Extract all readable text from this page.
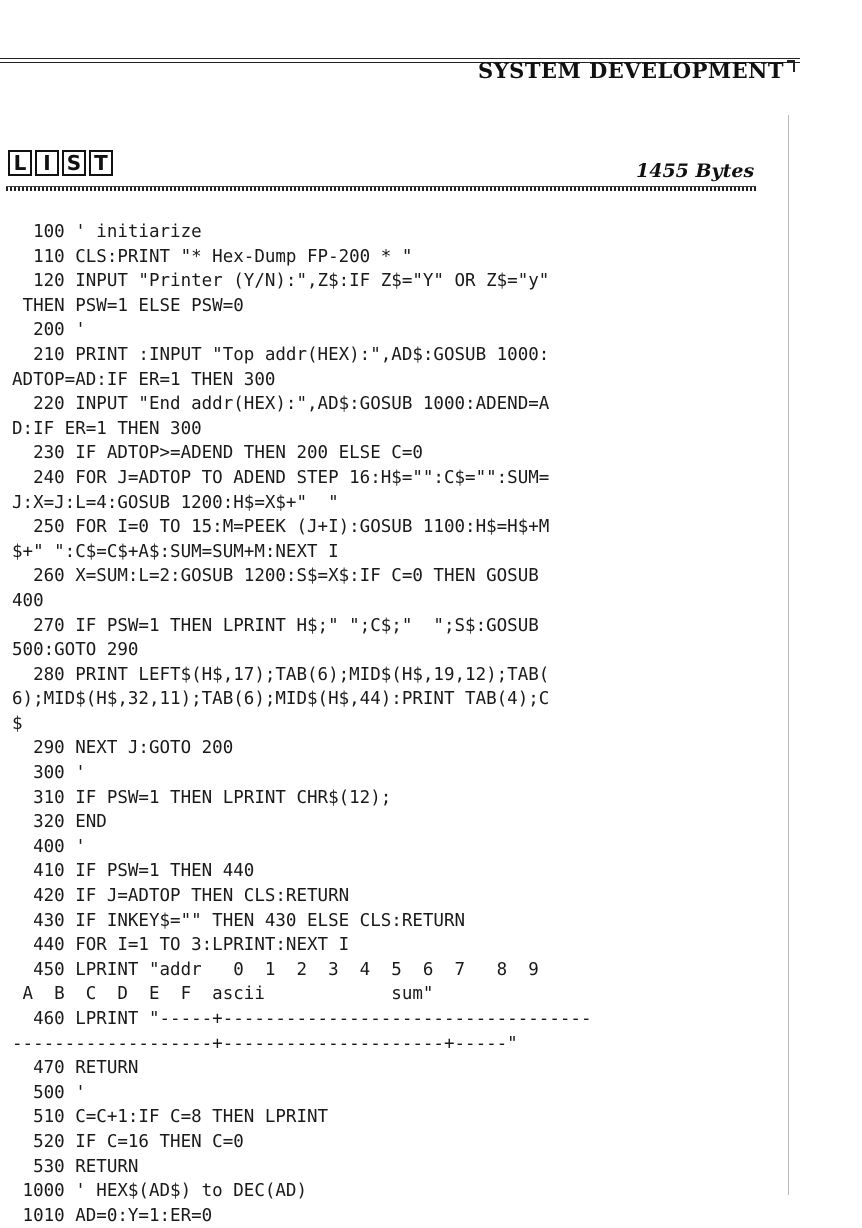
SYSTEM DEVELOPMENT
L I S T	1455 Bytes
100 ' initiarize
110 CLS:PRINT "* Hex-Dump FP-200 * "
120 INPUT "Printer (Y/N):",Z$:IF Z$="Y" OR Z$="y"
THEN PSW=1 ELSE PSW=0
200 '
210 PRINT :INPUT "Top addr(HEX):",AD$:GOSUB 1000:
ADTOP=AD:IF ER=1 THEN 300
220 INPUT "End addr(HEX):",AD$:GOSUB 1000:ADEND=A
D:IF ER=1 THEN 300
230 IF ADTOP>=ADEND THEN 200 ELSE C=0
240 FOR J=ADTOP TO ADEND STEP 16:H$="":C$="":SUM=
J:X=J:L=4:GOSUB 1200:H$=X$+"  "
250 FOR I=0 TO 15:M=PEEK (J+I):GOSUB 1100:H$=H$+M
$+" ":C$=C$+A$:SUM=SUM+M:NEXT I
260 X=SUM:L=2:GOSUB 1200:S$=X$:IF C=0 THEN GOSUB
400
270 IF PSW=1 THEN LPRINT H$;" ";C$;"  ";S$:GOSUB
500:GOTO 290
280 PRINT LEFT$(H$,17);TAB(6);MID$(H$,19,12);TAB(
6);MID$(H$,32,11);TAB(6);MID$(H$,44):PRINT TAB(4);C
$
290 NEXT J:GOTO 200
300 '
310 IF PSW=1 THEN LPRINT CHR$(12);
320 END
400 '
410 IF PSW=1 THEN 440
420 IF J=ADTOP THEN CLS:RETURN
430 IF INKEY$="" THEN 430 ELSE CLS:RETURN
440 FOR I=1 TO 3:LPRINT:NEXT I
450 LPRINT "addr   0  1  2  3  4  5  6  7   8  9
A  B  C  D  E  F  ascii            sum"
460 LPRINT "-----+-----------------------------------
-------------------+---------------------+-----"
470 RETURN
500 '
510 C=C+1:IF C=8 THEN LPRINT
520 IF C=16 THEN C=0
530 RETURN
1000 ' HEX$(AD$) to DEC(AD)
1010 AD=0:Y=1:ER=0
